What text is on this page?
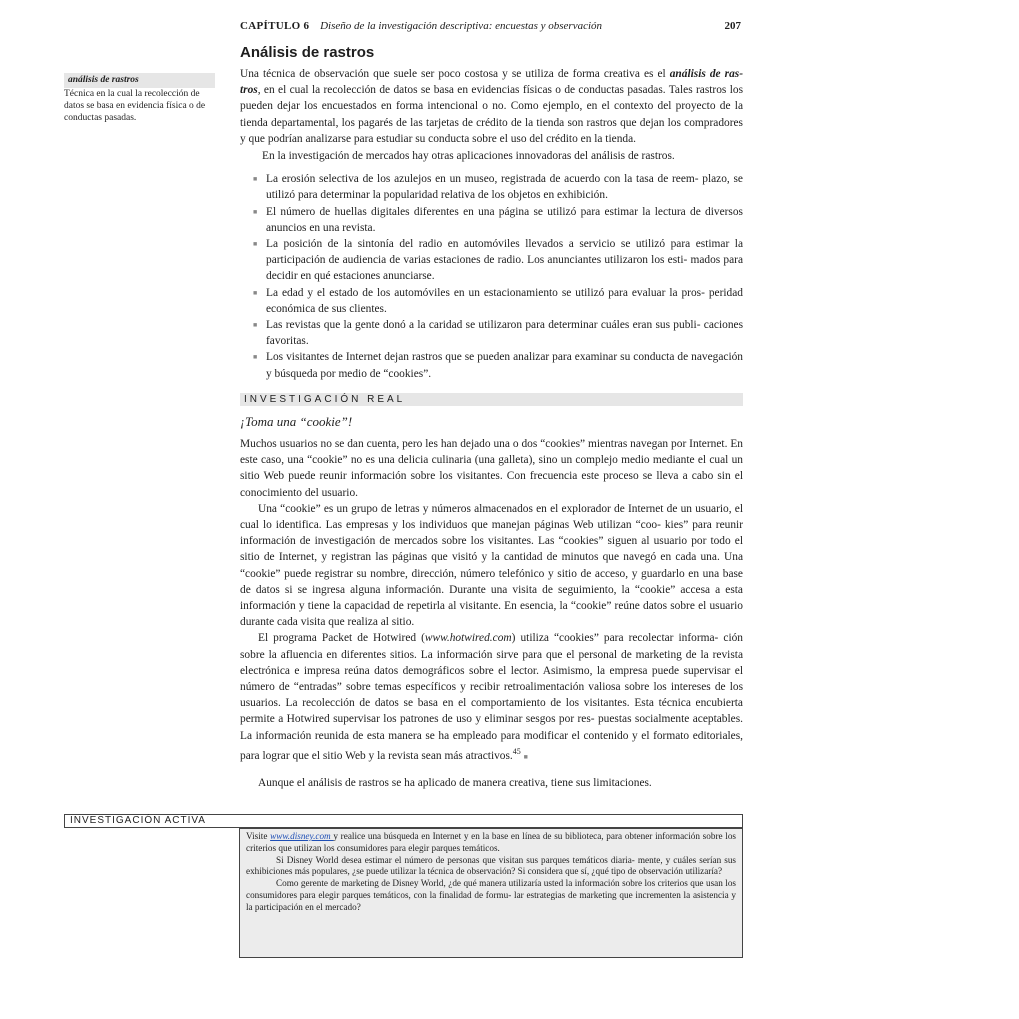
CAPÍTULO 6 Diseño de la investigación descriptiva: encuestas y observación	207
Análisis de rastros
análisis de rastros
Técnica en la cual la recolección de datos se basa en evidencia física o de conductas pasadas.

Una técnica de observación que suele ser poco costosa y se utiliza de forma creativa es el análisis de ras- tros, en el cual la recolección de datos se basa en evidencias físicas o de conductas pasadas. Tales rastros los pueden dejar los encuestados en forma intencional o no. Como ejemplo, en el contexto del proyecto de la tienda departamental, los pagarés de las tarjetas de crédito de la tienda son rastros que dejan los compradores y que podrían analizarse para estudiar su conducta sobre el uso del crédito en la tienda.

En la investigación de mercados hay otras aplicaciones innovadoras del análisis de rastros.

■ La erosión selectiva de los azulejos en un museo, registrada de acuerdo con la tasa de reem- plazo, se utilizó para determinar la popularidad relativa de los objetos en exhibición.
■ El número de huellas digitales diferentes en una página se utilizó para estimar la lectura de diversos anuncios en una revista.
■ La posición de la sintonía del radio en automóviles llevados a servicio se utilizó para estimar la participación de audiencia de varias estaciones de radio. Los anunciantes utilizaron los esti- mados para decidir en qué estaciones anunciarse.
■ La edad y el estado de los automóviles en un estacionamiento se utilizó para evaluar la pros- peridad económica de sus clientes.
■ Las revistas que la gente donó a la caridad se utilizaron para determinar cuáles eran sus publi- caciones favoritas.
■ Los visitantes de Internet dejan rastros que se pueden analizar para examinar su conducta de navegación y búsqueda por medio de “cookies”.
INVESTIGACIÓN REAL
¡Toma una “cookie”!

Muchos usuarios no se dan cuenta, pero les han dejado una o dos “cookies” mientras navegan por Internet. En este caso, una “cookie” no es una delicia culinaria (una galleta), sino un complejo medio mediante el cual un sitio Web puede reunir información sobre los visitantes. Con frecuencia este proceso se lleva a cabo sin el conocimiento del usuario.

Una “cookie” es un grupo de letras y números almacenados en el explorador de Internet de un usuario, el cual lo identifica. Las empresas y los individuos que manejan páginas Web utilizan “coo- kies” para reunir información de investigación de mercados sobre los visitantes. Las “cookies” siguen al usuario por todo el sitio de Internet, y registran las páginas que visitó y la cantidad de minutos que navegó en cada una. Una “cookie” puede registrar su nombre, dirección, número telefónico y sitio de acceso, y guardarlo en una base de datos si se ingresa alguna información. Durante una visita de seguimiento, la “cookie” accesa a esta información y tiene la capacidad de repetirla al visitante. En esencia, la “cookie” reúne datos sobre el usuario durante cada visita que realiza al sitio.

El programa Packet de Hotwired (www.hotwired.com) utiliza “cookies” para recolectar informa- ción sobre la afluencia en diferentes sitios. La información sirve para que el personal de marketing de la revista electrónica e impresa reúna datos demográficos sobre el lector. Asimismo, la empresa puede supervisar el número de “entradas” sobre temas específicos y recibir retroalimentación valiosa sobre los intereses de los usuarios. La recolección de datos se basa en el comportamiento de los visitantes. Esta técnica encubierta permite a Hotwired supervisar los patrones de uso y eliminar sesgos por res- puestas socialmente aceptables. La información reunida de esta manera se ha empleado para modificar el contenido y el formato editoriales, para lograr que el sitio Web y la revista sean más atractivos.$^{45}$ ■

Aunque el análisis de rastros se ha aplicado de manera creativa, tiene sus limitaciones.

INVESTIGACIÓN ACTIVA

Visite www.disney.com y realice una búsqueda en Internet y en la base en línea de su biblioteca, para obtener información sobre los criterios que utilizan los consumidores para elegir parques temáticos.

Si Disney World desea estimar el número de personas que visitan sus parques temáticos diaria- mente, y cuáles serían sus exhibiciones más populares, ¿se puede utilizar la técnica de observación? Si considera que sí, ¿qué tipo de observación utilizaría?

Como gerente de marketing de Disney World, ¿de qué manera utilizaría usted la información sobre los criterios que usan los consumidores para elegir parques temáticos, con la finalidad de formu- lar estrategias de marketing que incrementen la asistencia y la participación en el mercado?
